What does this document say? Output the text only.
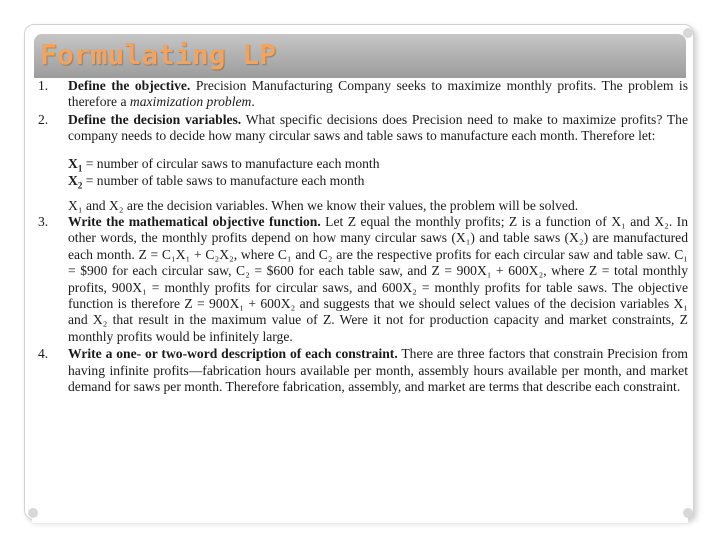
Formulating LP
1. Define the objective. Precision Manufacturing Company seeks to maximize monthly profits. The problem is therefore a maximization problem.
2. Define the decision variables. What specific decisions does Precision need to make to maximize profits? The company needs to decide how many circular saws and table saws to manufacture each month. Therefore let:
$X_1$ = number of circular saws to manufacture each month
$X_2$ = number of table saws to manufacture each month
X₁ and X₂ are the decision variables. When we know their values, the problem will be solved.
3. Write the mathematical objective function. Let Z equal the monthly profits; Z is a function of X₁ and X₂. In other words, the monthly profits depend on how many circular saws (X₁) and table saws (X₂) are manufactured each month. Z = C₁X₁ + C₂X₂, where C₁ and C₂ are the respective profits for each circular saw and table saw. C₁ = $900 for each circular saw, C₂ = $600 for each table saw, and Z = 900X₁ + 600X₂, where Z = total monthly profits, 900X₁ = monthly profits for circular saws, and 600X₂ = monthly profits for table saws. The objective function is therefore Z = 900X₁ + 600X₂ and suggests that we should select values of the decision variables X₁ and X₂ that result in the maximum value of Z. Were it not for production capacity and market constraints, Z monthly profits would be infinitely large.
4. Write a one- or two-word description of each constraint. There are three factors that constrain Precision from having infinite profits—fabrication hours available per month, assembly hours available per month, and market demand for saws per month. Therefore fabrication, assembly, and market are terms that describe each constraint.
